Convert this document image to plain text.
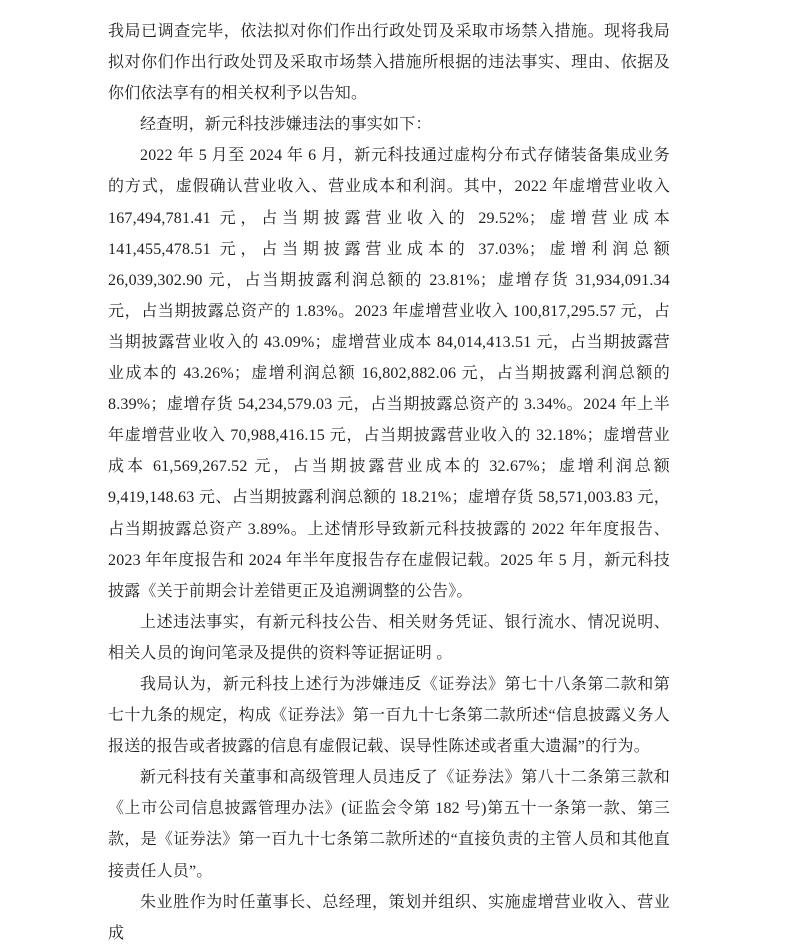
我局已调查完毕，依法拟对你们作出行政处罚及采取市场禁入措施。现将我局拟对你们作出行政处罚及采取市场禁入措施所根据的违法事实、理由、依据及你们依法享有的相关权利予以告知。

经查明，新元科技涉嫌违法的事实如下：

2022 年 5 月至 2024 年 6 月，新元科技通过虚构分布式存储装备集成业务的方式，虚假确认营业收入、营业成本和利润。其中，2022 年虚增营业收入 167,494,781.41 元，占当期披露营业收入的 29.52%；虚增营业成本 141,455,478.51 元，占当期披露营业成本的 37.03%；虚增利润总额 26,039,302.90 元，占当期披露利润总额的 23.81%；虚增存货 31,934,091.34 元，占当期披露总资产的 1.83%。2023 年虚增营业收入 100,817,295.57 元，占当期披露营业收入的 43.09%；虚增营业成本 84,014,413.51 元，占当期披露营业成本的 43.26%；虚增利润总额 16,802,882.06 元，占当期披露利润总额的 8.39%；虚增存货 54,234,579.03 元，占当期披露总资产的 3.34%。2024 年上半年虚增营业收入 70,988,416.15 元，占当期披露营业收入的 32.18%；虚增营业成本 61,569,267.52 元，占当期披露营业成本的 32.67%；虚增利润总额 9,419,148.63 元、占当期披露利润总额的 18.21%；虚增存货 58,571,003.83 元，占当期披露总资产 3.89%。上述情形导致新元科技披露的 2022 年年度报告、2023 年年度报告和 2024 年半年度报告存在虚假记载。2025 年 5 月，新元科技披露《关于前期会计差错更正及追溯调整的公告》。

上述违法事实，有新元科技公告、相关财务凭证、银行流水、情况说明、相关人员的询问笔录及提供的资料等证据证明 。

我局认为，新元科技上述行为涉嫌违反《证券法》第七十八条第二款和第七十九条的规定，构成《证券法》第一百九十七条第二款所述“信息披露义务人报送的报告或者披露的信息有虚假记载、误导性陈述或者重大遗漏”的行为。

新元科技有关董事和高级管理人员违反了《证券法》第八十二条第三款和《上市公司信息披露管理办法》(证监会令第 182 号)第五十一条第一款、第三款，是《证券法》第一百九十七条第二款所述的“直接负责的主管人员和其他直接责任人员”。

朱业胜作为时任董事长、总经理，策划并组织、实施虚增营业收入、营业成
